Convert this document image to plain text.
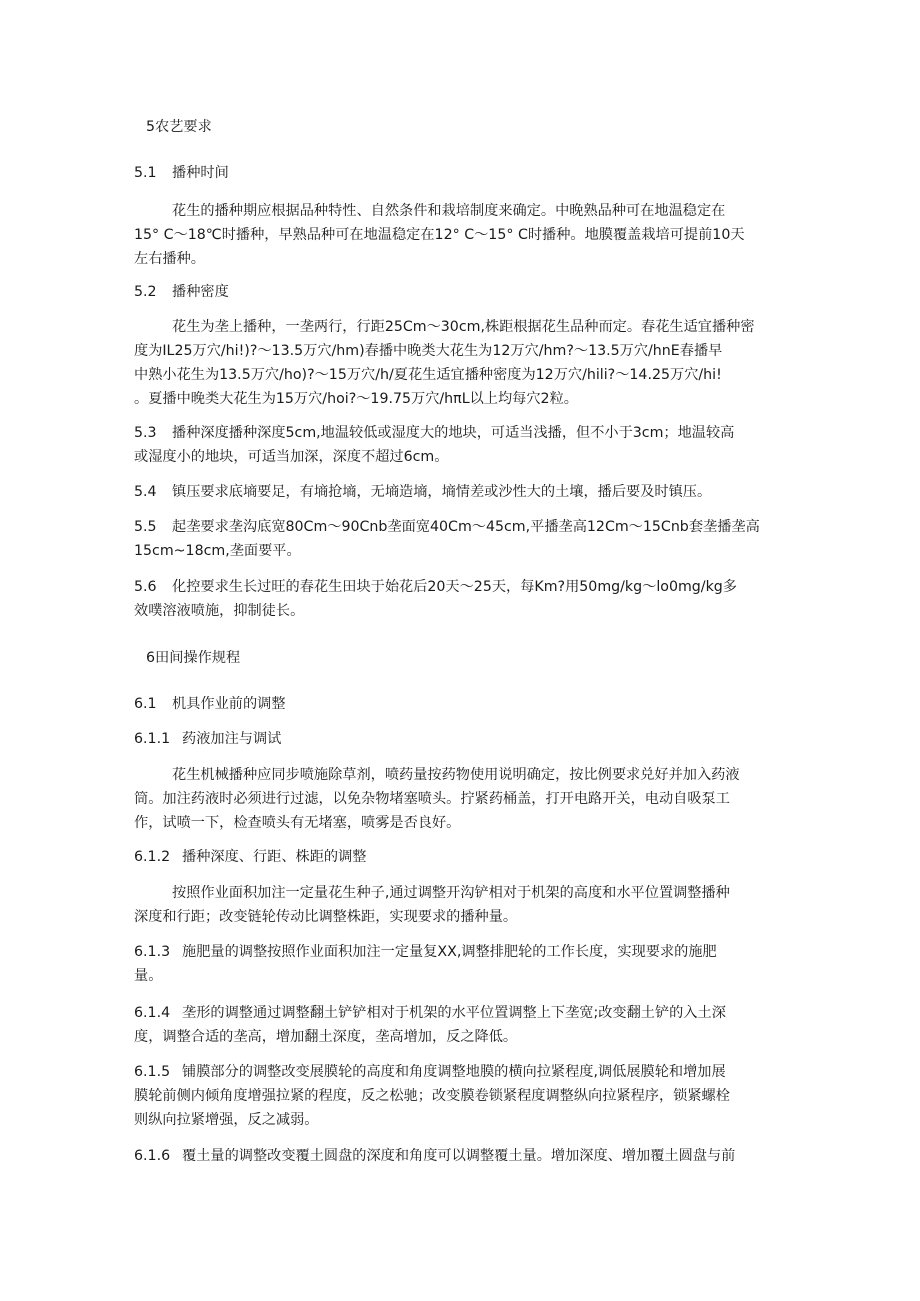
5农艺要求
5.1 播种时间
花生的播种期应根据品种特性、自然条件和栽培制度来确定。中晚熟品种可在地温稳定在
15° C～18℃时播种，早熟品种可在地温稳定在12° C～15° C时播种。地膜覆盖栽培可提前10天
左右播种。
5.2 播种密度
花生为垄上播种，一垄两行，行距25Cm～30cm,株距根据花生品种而定。春花生适宜播种密
度为IL25万穴/hi!)?～13.5万穴/hm)春播中晚类大花生为12万穴/hm?～13.5万穴/hnE春播早
中熟小花生为13.5万穴/ho)?～15万穴/h/夏花生适宜播种密度为12万穴/hili?～14.25万穴/hi!
。夏播中晚类大花生为15万穴/hoi?～19.75万穴/hπL以上均每穴2粒。
5.3 播种深度播种深度5cm,地温较低或湿度大的地块，可适当浅播，但不小于3cm；地温较高
或湿度小的地块，可适当加深，深度不超过6cm。
5.4 镇压要求底墒要足，有墒抢墒，无墒造墒，墒情差或沙性大的土壤，播后要及时镇压。
5.5 起垄要求垄沟底宽80Cm～90Cnb垄面宽40Cm～45cm,平播垄高12Cm～15Cnb套垄播垄高
15cm~18cm,垄面要平。
5.6 化控要求生长过旺的春花生田块于始花后20天～25天，每Km?用50mg/kg～lo0mg/kg多
效噗溶液喷施，抑制徒长。
6田间操作规程
6.1 机具作业前的调整
6.1.1 药液加注与调试
花生机械播种应同步喷施除草剂，喷药量按药物使用说明确定，按比例要求兑好并加入药液
筒。加注药液时必须进行过滤，以免杂物堵塞喷头。拧紧药桶盖，打开电路开关，电动自吸泵工
作，试喷一下，检查喷头有无堵塞，喷雾是否良好。
6.1.2 播种深度、行距、株距的调整
按照作业面积加注一定量花生种子,通过调整开沟铲相对于机架的高度和水平位置调整播种
深度和行距；改变链轮传动比调整株距，实现要求的播种量。
6.1.3 施肥量的调整按照作业面积加注一定量复XX,调整排肥轮的工作长度，实现要求的施肥
量。
6.1.4 垄形的调整通过调整翻土铲铲相对于机架的水平位置调整上下垄宽;改变翻土铲的入土深
度，调整合适的垄高，增加翻土深度，垄高增加，反之降低。
6.1.5 铺膜部分的调整改变展膜轮的高度和角度调整地膜的横向拉紧程度,调低展膜轮和增加展
膜轮前侧内倾角度增强拉紧的程度，反之松驰；改变膜卷锁紧程度调整纵向拉紧程序，锁紧螺栓
则纵向拉紧增强，反之减弱。
6.1.6 覆土量的调整改变覆土圆盘的深度和角度可以调整覆土量。增加深度、增加覆土圆盘与前
